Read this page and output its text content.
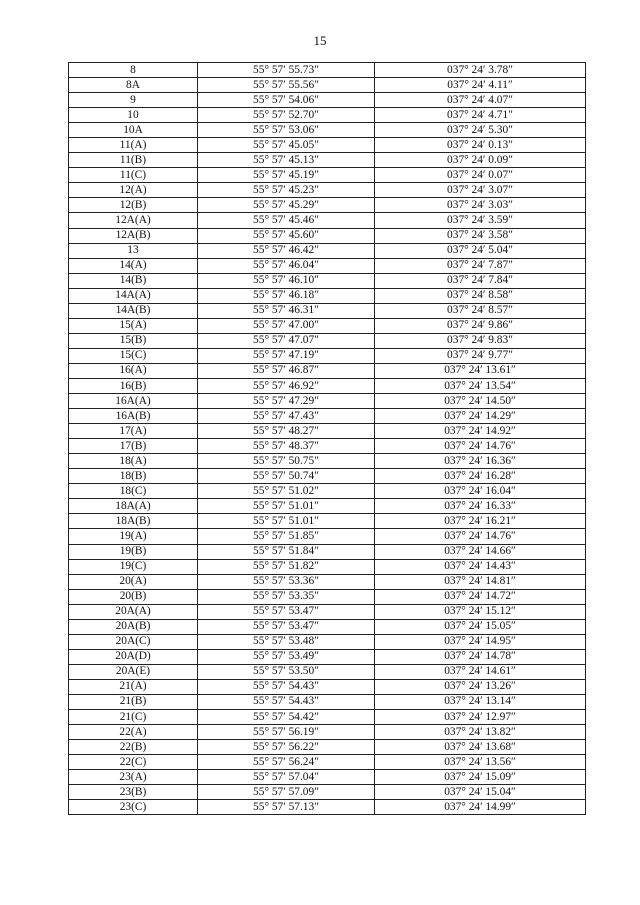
15
8	55° 57′ 55.73″	037° 24′ 3.78″
8A	55° 57′ 55.56″	037° 24′ 4.11″
9	55° 57′ 54.06″	037° 24′ 4.07″
10	55° 57′ 52.70″	037° 24′ 4.71″
10A	55° 57′ 53.06″	037° 24′ 5.30″
11(A)	55° 57′ 45.05″	037° 24′ 0.13″
11(B)	55° 57′ 45.13″	037° 24′ 0.09″
11(C)	55° 57′ 45.19″	037° 24′ 0.07″
12(A)	55° 57′ 45.23″	037° 24′ 3.07″
12(B)	55° 57′ 45.29″	037° 24′ 3.03″
12A(A)	55° 57′ 45.46″	037° 24′ 3.59″
12A(B)	55° 57′ 45.60″	037° 24′ 3.58″
13	55° 57′ 46.42″	037° 24′ 5.04″
14(A)	55° 57′ 46.04″	037° 24′ 7.87″
14(B)	55° 57′ 46.10″	037° 24′ 7.84″
14A(A)	55° 57′ 46.18″	037° 24′ 8.58″
14A(B)	55° 57′ 46.31″	037° 24′ 8.57″
15(A)	55° 57′ 47.00″	037° 24′ 9.86″
15(B)	55° 57′ 47.07″	037° 24′ 9.83″
15(C)	55° 57′ 47.19″	037° 24′ 9.77″
16(A)	55° 57′ 46.87″	037° 24′ 13.61″
16(B)	55° 57′ 46.92″	037° 24′ 13.54″
16A(A)	55° 57′ 47.29″	037° 24′ 14.50″
16A(B)	55° 57′ 47.43″	037° 24′ 14.29″
17(A)	55° 57′ 48.27″	037° 24′ 14.92″
17(B)	55° 57′ 48.37″	037° 24′ 14.76″
18(A)	55° 57′ 50.75″	037° 24′ 16.36″
18(B)	55° 57′ 50.74″	037° 24′ 16.28″
18(C)	55° 57′ 51.02″	037° 24′ 16.04″
18A(A)	55° 57′ 51.01″	037° 24′ 16.33″
18A(B)	55° 57′ 51.01″	037° 24′ 16.21″
19(A)	55° 57′ 51.85″	037° 24′ 14.76″
19(B)	55° 57′ 51.84″	037° 24′ 14.66″
19(C)	55° 57′ 51.82″	037° 24′ 14.43″
20(A)	55° 57′ 53.36″	037° 24′ 14.81″
20(B)	55° 57′ 53.35″	037° 24′ 14.72″
20A(A)	55° 57′ 53.47″	037° 24′ 15.12″
20A(B)	55° 57′ 53.47″	037° 24′ 15.05″
20A(C)	55° 57′ 53.48″	037° 24′ 14.95″
20A(D)	55° 57′ 53.49″	037° 24′ 14.78″
20A(E)	55° 57′ 53.50″	037° 24′ 14.61″
21(A)	55° 57′ 54.43″	037° 24′ 13.26″
21(B)	55° 57′ 54.43″	037° 24′ 13.14″
21(C)	55° 57′ 54.42″	037° 24′ 12.97″
22(A)	55° 57′ 56.19″	037° 24′ 13.82″
22(B)	55° 57′ 56.22″	037° 24′ 13.68″
22(C)	55° 57′ 56.24″	037° 24′ 13.56″
23(A)	55° 57′ 57.04″	037° 24′ 15.09″
23(B)	55° 57′ 57.09″	037° 24′ 15.04″
23(C)	55° 57′ 57.13″	037° 24′ 14.99″
